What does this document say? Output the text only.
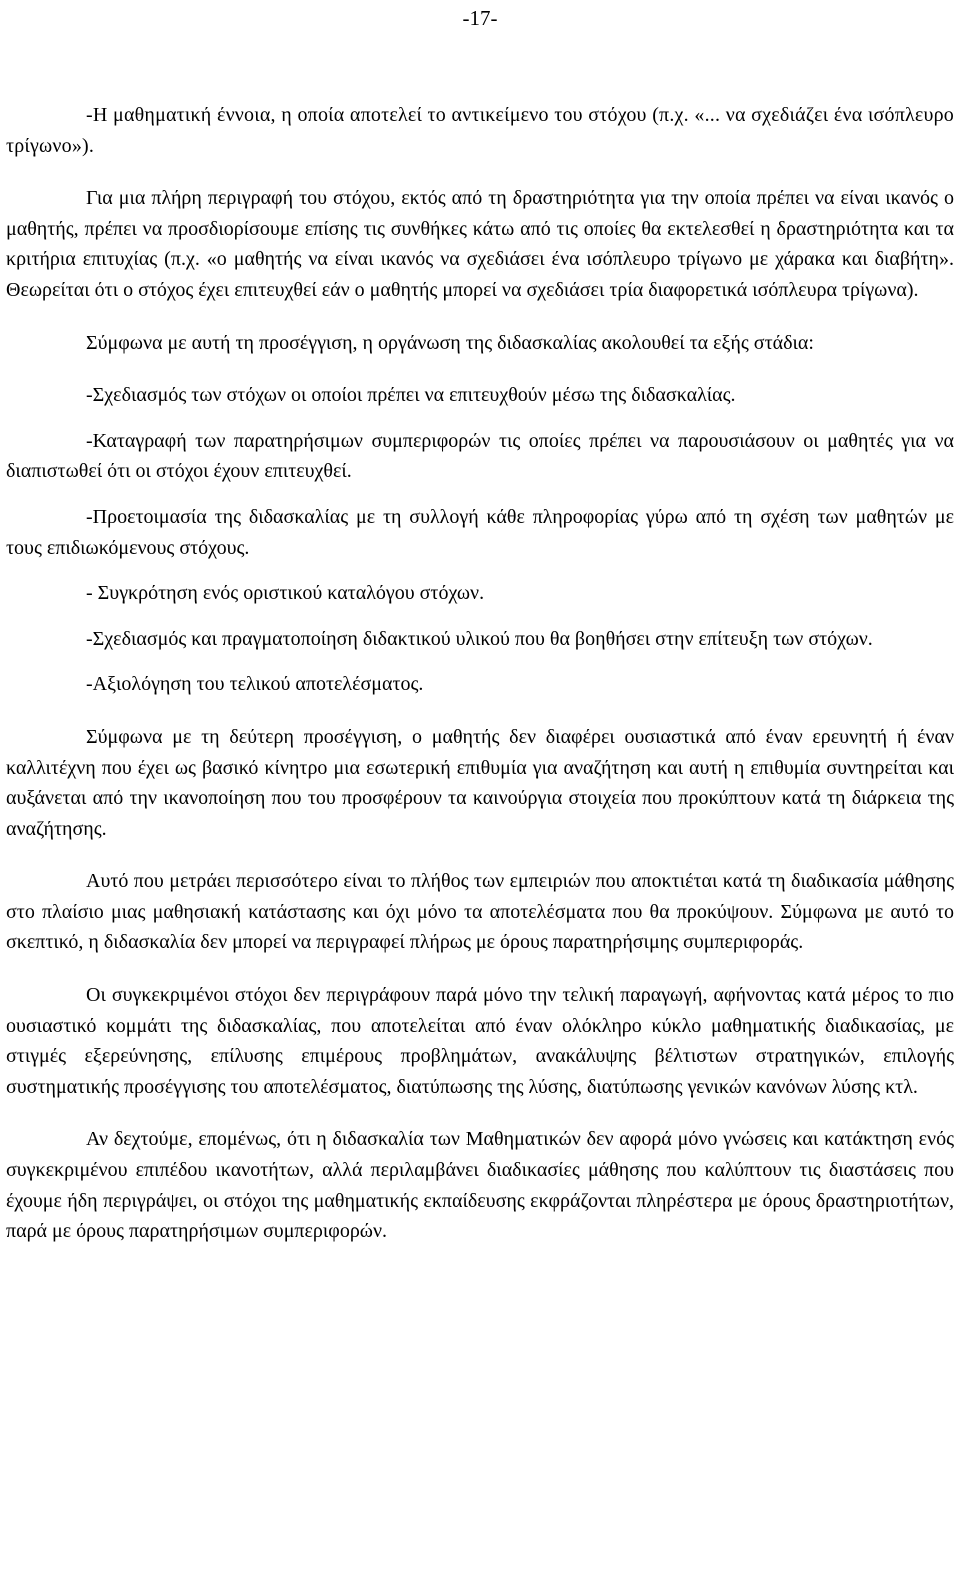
-17-

-Η μαθηματική έννοια, η οποία αποτελεί το αντικείμενο του στόχου (π.χ. «... να σχεδιάζει ένα ισόπλευρο τρίγωνο»).

Για μια πλήρη περιγραφή του στόχου, εκτός από τη δραστηριότητα για την οποία πρέπει να είναι ικανός ο μαθητής, πρέπει να προσδιορίσουμε επίσης τις συνθήκες κάτω από τις οποίες θα εκτελεσθεί η δραστηριότητα και τα κριτήρια επιτυχίας (π.χ. «ο μαθητής να είναι ικανός να σχεδιάσει ένα ισόπλευρο τρίγωνο με χάρακα και διαβήτη». Θεωρείται ότι ο στόχος έχει επιτευχθεί εάν ο μαθητής μπορεί να σχεδιάσει τρία διαφορετικά ισόπλευρα τρίγωνα).

Σύμφωνα με αυτή τη προσέγγιση, η οργάνωση της διδασκαλίας ακολουθεί τα εξής στάδια:

-Σχεδιασμός των στόχων οι οποίοι πρέπει να επιτευχθούν μέσω της διδασκαλίας.

-Καταγραφή των παρατηρήσιμων συμπεριφορών τις οποίες πρέπει να παρουσιάσουν οι μαθητές για να διαπιστωθεί ότι οι στόχοι έχουν επιτευχθεί.

-Προετοιμασία της διδασκαλίας με τη συλλογή κάθε πληροφορίας γύρω από τη σχέση των μαθητών με τους επιδιωκόμενους στόχους.

- Συγκρότηση ενός οριστικού καταλόγου στόχων.

-Σχεδιασμός και πραγματοποίηση διδακτικού υλικού που θα βοηθήσει στην επίτευξη των στόχων.

-Αξιολόγηση του τελικού αποτελέσματος.

Σύμφωνα με τη δεύτερη προσέγγιση, ο μαθητής δεν διαφέρει ουσιαστικά από έναν ερευνητή ή έναν καλλιτέχνη που έχει ως βασικό κίνητρο μια εσωτερική επιθυμία για αναζήτηση και αυτή η επιθυμία συντηρείται και αυξάνεται από την ικανοποίηση που του προσφέρουν τα καινούργια στοιχεία που προκύπτουν κατά τη διάρκεια της αναζήτησης.

Αυτό που μετράει περισσότερο είναι το πλήθος των εμπειριών που αποκτιέται κατά τη διαδικασία μάθησης στο πλαίσιο μιας μαθησιακή κατάστασης και όχι μόνο τα αποτελέσματα που θα προκύψουν. Σύμφωνα με αυτό το σκεπτικό, η διδασκαλία δεν μπορεί να περιγραφεί πλήρως με όρους παρατηρήσιμης συμπεριφοράς.

Οι συγκεκριμένοι στόχοι δεν περιγράφουν παρά μόνο την τελική παραγωγή, αφήνοντας κατά μέρος το πιο ουσιαστικό κομμάτι της διδασκαλίας, που αποτελείται από έναν ολόκληρο κύκλο μαθηματικής διαδικασίας, με στιγμές εξερεύνησης, επίλυσης επιμέρους προβλημάτων, ανακάλυψης βέλτιστων στρατηγικών, επιλογής συστηματικής προσέγγισης του αποτελέσματος, διατύπωσης της λύσης, διατύπωσης γενικών κανόνων λύσης κτλ.

Αν δεχτούμε, επομένως, ότι η διδασκαλία των Μαθηματικών δεν αφορά μόνο γνώσεις και κατάκτηση ενός συγκεκριμένου επιπέδου ικανοτήτων, αλλά περιλαμβάνει διαδικασίες μάθησης που καλύπτουν τις διαστάσεις που έχουμε ήδη περιγράψει, οι στόχοι της μαθηματικής εκπαίδευσης εκφράζονται πληρέστερα με όρους δραστηριοτήτων, παρά με όρους παρατηρήσιμων συμπεριφορών.
